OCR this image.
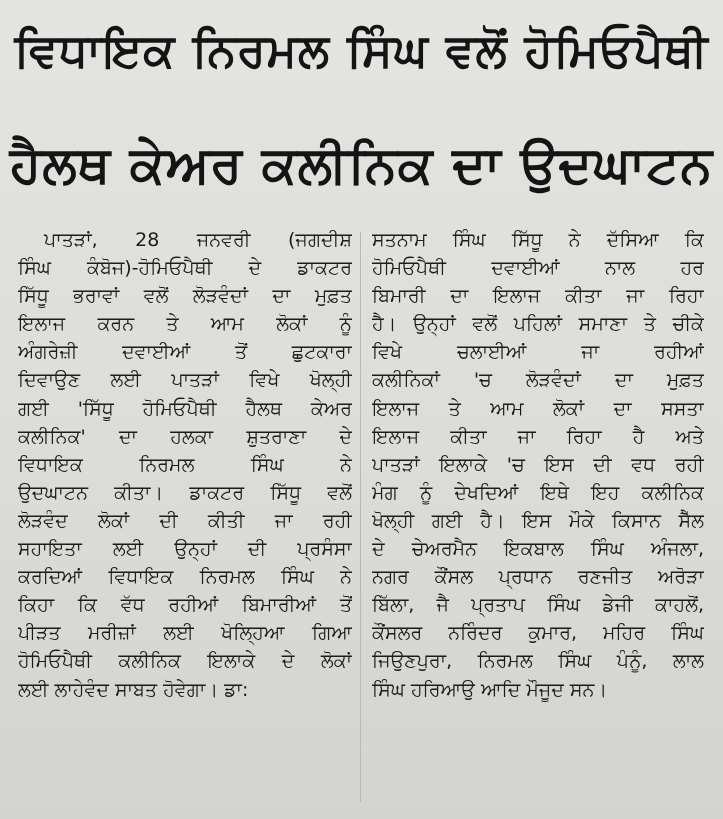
ਵਿਧਾਇਕ ਨਿਰਮਲ ਸਿੰਘ ਵਲੋਂ ਹੋਮਿਓਪੈਥੀ
ਹੈਲਥ ਕੇਅਰ ਕਲੀਨਿਕ ਦਾ ਉਦਘਾਟਨ
ਪਾਤੜਾਂ, 28 ਜਨਵਰੀ (ਜਗਦੀਸ਼
ਸਿੰਘ ਕੰਬੋਜ)-ਹੋਮਿਓਪੈਥੀ ਦੇ ਡਾਕਟਰ
ਸਿੱਧੂ ਭਰਾਵਾਂ ਵਲੋਂ ਲੋੜਵੰਦਾਂ ਦਾ ਮੁਫ਼ਤ
ਇਲਾਜ ਕਰਨ ਤੇ ਆਮ ਲੋਕਾਂ ਨੂੰ
ਅੰਗਰੇਜ਼ੀ ਦਵਾਈਆਂ ਤੋਂ ਛੁਟਕਾਰਾ
ਦਿਵਾਉਣ ਲਈ ਪਾਤੜਾਂ ਵਿਖੇ ਖੋਲ੍ਹੀ
ਗਈ 'ਸਿੱਧੂ ਹੋਮਿਓਪੈਥੀ ਹੈਲਥ ਕੇਅਰ
ਕਲੀਨਿਕ' ਦਾ ਹਲਕਾ ਸ਼ੁਤਰਾਣਾ ਦੇ
ਵਿਧਾਇਕ ਨਿਰਮਲ ਸਿੰਘ ਨੇ
ਉਦਘਾਟਨ ਕੀਤਾ। ਡਾਕਟਰ ਸਿੱਧੂ ਵਲੋਂ
ਲੋੜਵੰਦ ਲੋਕਾਂ ਦੀ ਕੀਤੀ ਜਾ ਰਹੀ
ਸਹਾਇਤਾ ਲਈ ਉਨ੍ਹਾਂ ਦੀ ਪ੍ਰਸੰਸਾ
ਕਰਦਿਆਂ ਵਿਧਾਇਕ ਨਿਰਮਲ ਸਿੰਘ ਨੇ
ਕਿਹਾ ਕਿ ਵੱਧ ਰਹੀਆਂ ਬਿਮਾਰੀਆਂ ਤੋਂ
ਪੀੜਤ ਮਰੀਜ਼ਾਂ ਲਈ ਖੋਲ੍ਹਿਆ ਗਿਆ
ਹੋਮਿਓਪੈਥੀ ਕਲੀਨਿਕ ਇਲਾਕੇ ਦੇ ਲੋਕਾਂ
ਲਈ ਲਾਹੇਵੰਦ ਸਾਬਤ ਹੋਵੇਗਾ। ਡਾ:
ਸਤਨਾਮ ਸਿੰਘ ਸਿੱਧੂ ਨੇ ਦੱਸਿਆ ਕਿ
ਹੋਮਿਓਪੈਥੀ ਦਵਾਈਆਂ ਨਾਲ ਹਰ
ਬਿਮਾਰੀ ਦਾ ਇਲਾਜ ਕੀਤਾ ਜਾ ਰਿਹਾ
ਹੈ। ਉਨ੍ਹਾਂ ਵਲੋਂ ਪਹਿਲਾਂ ਸਮਾਣਾ ਤੇ ਚੀਕੇ
ਵਿਖੇ ਚਲਾਈਆਂ ਜਾ ਰਹੀਆਂ
ਕਲੀਨਿਕਾਂ 'ਚ ਲੋੜਵੰਦਾਂ ਦਾ ਮੁਫ਼ਤ
ਇਲਾਜ ਤੇ ਆਮ ਲੋਕਾਂ ਦਾ ਸਸਤਾ
ਇਲਾਜ ਕੀਤਾ ਜਾ ਰਿਹਾ ਹੈ ਅਤੇ
ਪਾਤੜਾਂ ਇਲਾਕੇ 'ਚ ਇਸ ਦੀ ਵਧ ਰਹੀ
ਮੰਗ ਨੂੰ ਦੇਖਦਿਆਂ ਇਥੇ ਇਹ ਕਲੀਨਿਕ
ਖੋਲ੍ਹੀ ਗਈ ਹੈ। ਇਸ ਮੌਕੇ ਕਿਸਾਨ ਸੈੱਲ
ਦੇ ਚੇਅਰਮੈਨ ਇਕਬਾਲ ਸਿੰਘ ਅੰਜਲਾ,
ਨਗਰ ਕੌਂਸਲ ਪ੍ਰਧਾਨ ਰਣਜੀਤ ਅਰੋੜਾ
ਬਿੱਲਾ, ਜੈ ਪ੍ਰਤਾਪ ਸਿੰਘ ਡੇਜੀ ਕਾਹਲੋਂ,
ਕੌਂਸਲਰ ਨਰਿੰਦਰ ਕੁਮਾਰ, ਮਹਿਰ ਸਿੰਘ
ਜਿਉਣਪੁਰਾ, ਨਿਰਮਲ ਸਿੰਘ ਪੰਨੂੰ, ਲਾਲ
ਸਿੰਘ ਹਰਿਆਉ ਆਦਿ ਮੌਜੂਦ ਸਨ।
